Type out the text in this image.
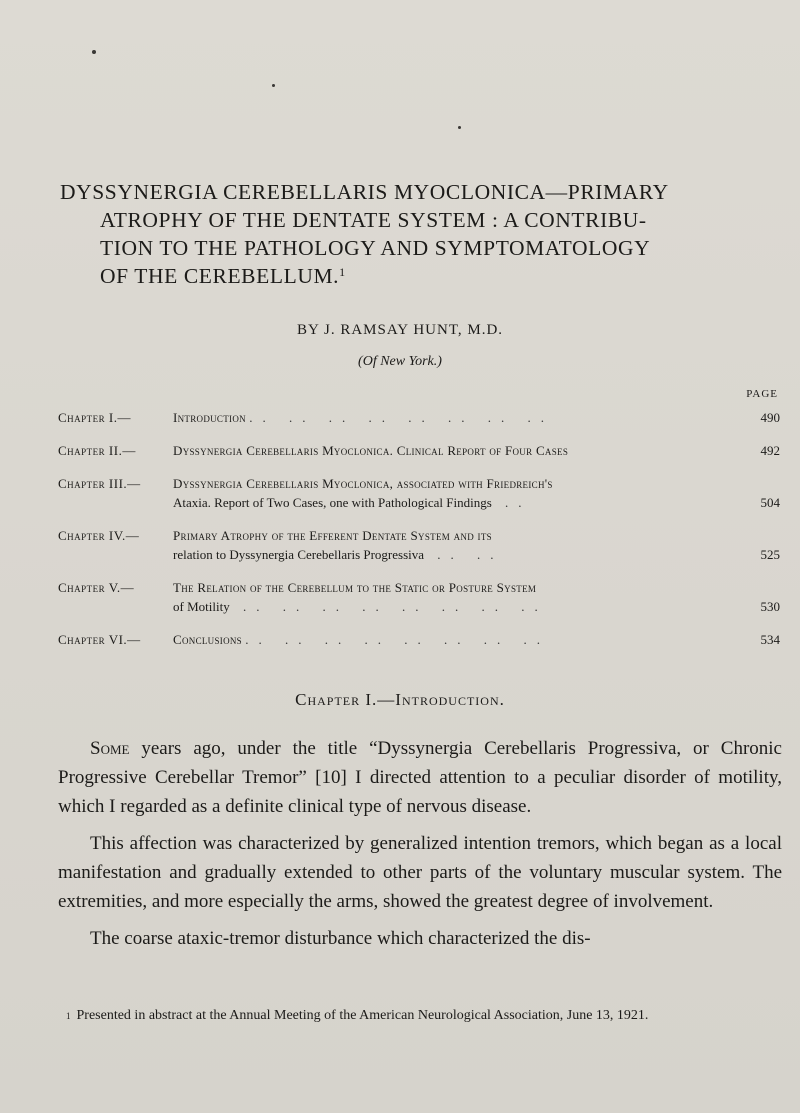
DYSSYNERGIA CEREBELLARIS MYOCLONICA—PRIMARY
ATROPHY OF THE DENTATE SYSTEM : A CONTRIBU-
TION TO THE PATHOLOGY AND SYMPTOMATOLOGY
OF THE CEREBELLUM.$^1$
BY J. RAMSAY HUNT, M.D.
(Of New York.)
PAGE
Chapter I.—	Introduction .. .. .. .. .. .. .. ..	490
Chapter II.—	Dyssynergia Cerebellaris Myoclonica. Clinical Report of Four Cases	492
Chapter III.— Dyssynergia Cerebellaris Myoclonica, associated with Friedreich's
Ataxia. Report of Two Cases, one with Pathological Findings ..	504
Chapter IV.—	Primary Atrophy of the Efferent Dentate System and its
relation to Dyssynergia Cerebellaris Progressiva .. ..	525
Chapter V.—	The Relation of the Cerebellum to the Static or Posture System
of Motility .. .. .. .. .. .. .. ..	530
Chapter VI.— Conclusions .. .. .. .. .. .. .. ..	534
Chapter I.—Introduction.

Some years ago, under the title “Dyssynergia Cerebellaris Progressiva, or Chronic Progressive Cerebellar Tremor” [10] I directed attention to a peculiar disorder of motility, which I regarded as a definite clinical type of nervous disease.

This affection was characterized by generalized intention tremors, which began as a local manifestation and gradually extended to other parts of the voluntary muscular system. The extremities, and more especially the arms, showed the greatest degree of involvement.

The coarse ataxic-tremor disturbance which characterized the dis-

$^1$ Presented in abstract at the Annual Meeting of the American Neurological Association, June 13, 1921.
